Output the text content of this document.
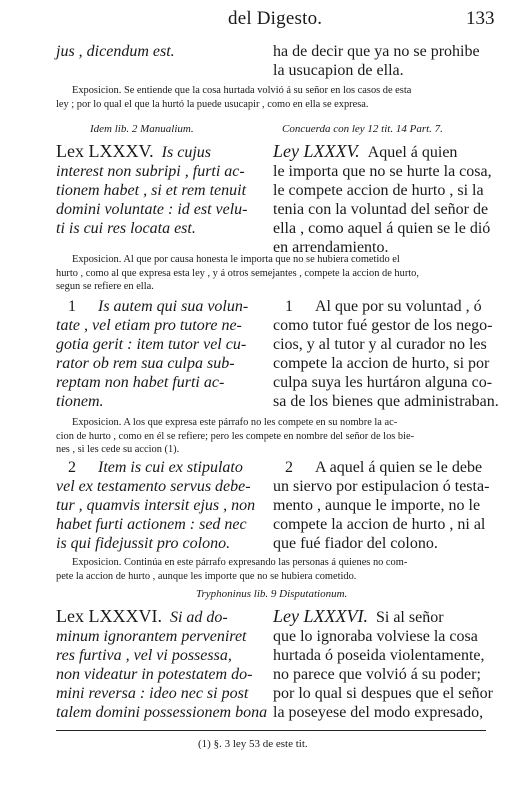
del Digesto.	133
jus , dicendum est.	ha de decir que ya no se prohibe
la usucapion de ella.
Exposicion. Se entiende que la cosa hurtada volvió á su señor en los casos de esta
ley ; por lo qual el que la hurtó la puede usucapir , como en ella se expresa.
Idem lib. 2 Manualium.	Concuerda con ley 12 tit. 14 Part. 7.
Lex LXXXV. Is cujus
interest non subripi , furti ac-
tionem habet , si et rem tenuit
domini voluntate : id est velu-
ti is cui res locata est.
Ley LXXXV. Aquel á quien
le importa que no se hurte la cosa,
le compete accion de hurto , si la
tenia con la voluntad del señor de
ella , como aquel á quien se le dió
en arrendamiento.
Exposicion. Al que por causa honesta le importa que no se hubiera cometido el
hurto , como al que expresa esta ley , y á otros semejantes , compete la accion de hurto,
segun se refiere en ella.
1 Is autem qui sua volun-
tate , vel etiam pro tutore ne-
gotia gerit : item tutor vel cu-
rator ob rem sua culpa sub-
reptam non habet furti ac-
tionem.
1 Al que por su voluntad , ó
como tutor fué gestor de los nego-
cios, y al tutor y al curador no les
compete la accion de hurto, si por
culpa suya les hurtáron alguna co-
sa de los bienes que administraban.
Exposicion. A los que expresa este párrafo no les compete en su nombre la ac-
cion de hurto , como en él se refiere; pero les compete en nombre del señor de los bie-
nes , si les cede su accion (1).
2 Item is cui ex stipulato
vel ex testamento servus debe-
tur , quamvis intersit ejus , non
habet furti actionem : sed nec
is qui fidejussit pro colono.
2 A aquel á quien se le debe
un siervo por estipulacion ó testa-
mento , aunque le importe, no le
compete la accion de hurto , ni al
que fué fiador del colono.
Exposicion. Continúa en este párrafo expresando las personas á quienes no com-
pete la accion de hurto , aunque les importe que no se hubiera cometido.
Tryphoninus lib. 9 Disputationum.
Lex LXXXVI. Si ad do-
minum ignorantem perveniret
res furtiva , vel vi possessa,
non videatur in potestatem do-
mini reversa : ideo nec si post
talem domini possessionem bona
Ley LXXXVI. Si al señor
que lo ignoraba volviese la cosa
hurtada ó poseida violentamente,
no parece que volvió á su poder;
por lo qual si despues que el señor
la poseyese del modo expresado,
(1) §. 3 ley 53 de este tit.
